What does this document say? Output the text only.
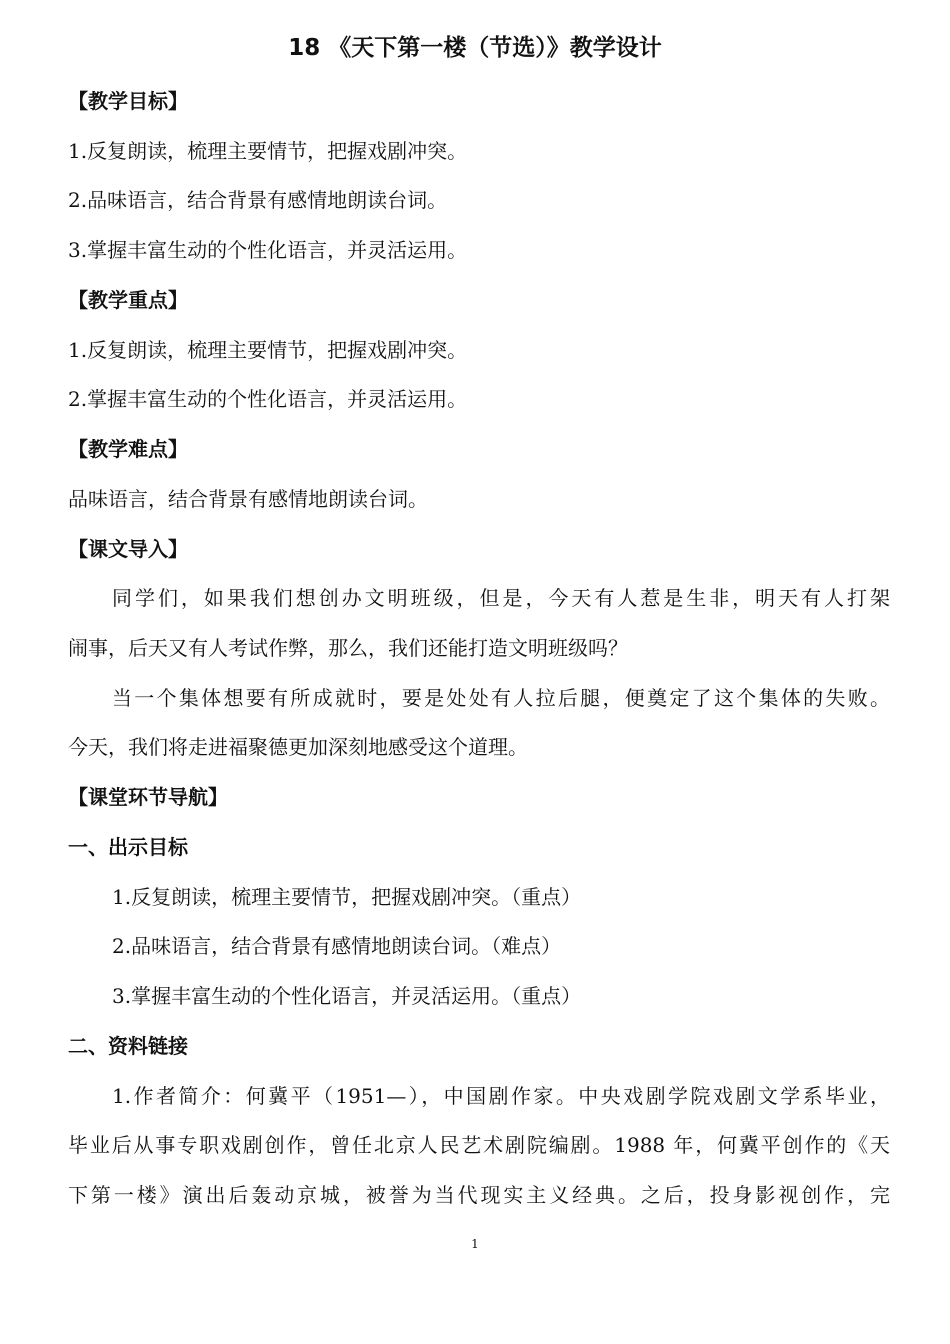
18 《天下第一楼（节选）》教学设计
【教学目标】
1.反复朗读，梳理主要情节，把握戏剧冲突。
2.品味语言，结合背景有感情地朗读台词。
3.掌握丰富生动的个性化语言，并灵活运用。
【教学重点】
1.反复朗读，梳理主要情节，把握戏剧冲突。
2.掌握丰富生动的个性化语言，并灵活运用。
【教学难点】
品味语言，结合背景有感情地朗读台词。
【课文导入】
同学们，如果我们想创办文明班级，但是，今天有人惹是生非，明天有人打架
闹事，后天又有人考试作弊，那么，我们还能打造文明班级吗？
当一个集体想要有所成就时，要是处处有人拉后腿，便奠定了这个集体的失败。
今天，我们将走进福聚德更加深刻地感受这个道理。
【课堂环节导航】
一、出示目标
1.反复朗读，梳理主要情节，把握戏剧冲突。（重点）
2.品味语言，结合背景有感情地朗读台词。（难点）
3.掌握丰富生动的个性化语言，并灵活运用。（重点）
二、资料链接
1.作者简介：何冀平（1951—），中国剧作家。中央戏剧学院戏剧文学系毕业，
毕业后从事专职戏剧创作，曾任北京人民艺术剧院编剧。1988 年，何冀平创作的《天
下第一楼》演出后轰动京城，被誉为当代现实主义经典。之后，投身影视创作，完
1
